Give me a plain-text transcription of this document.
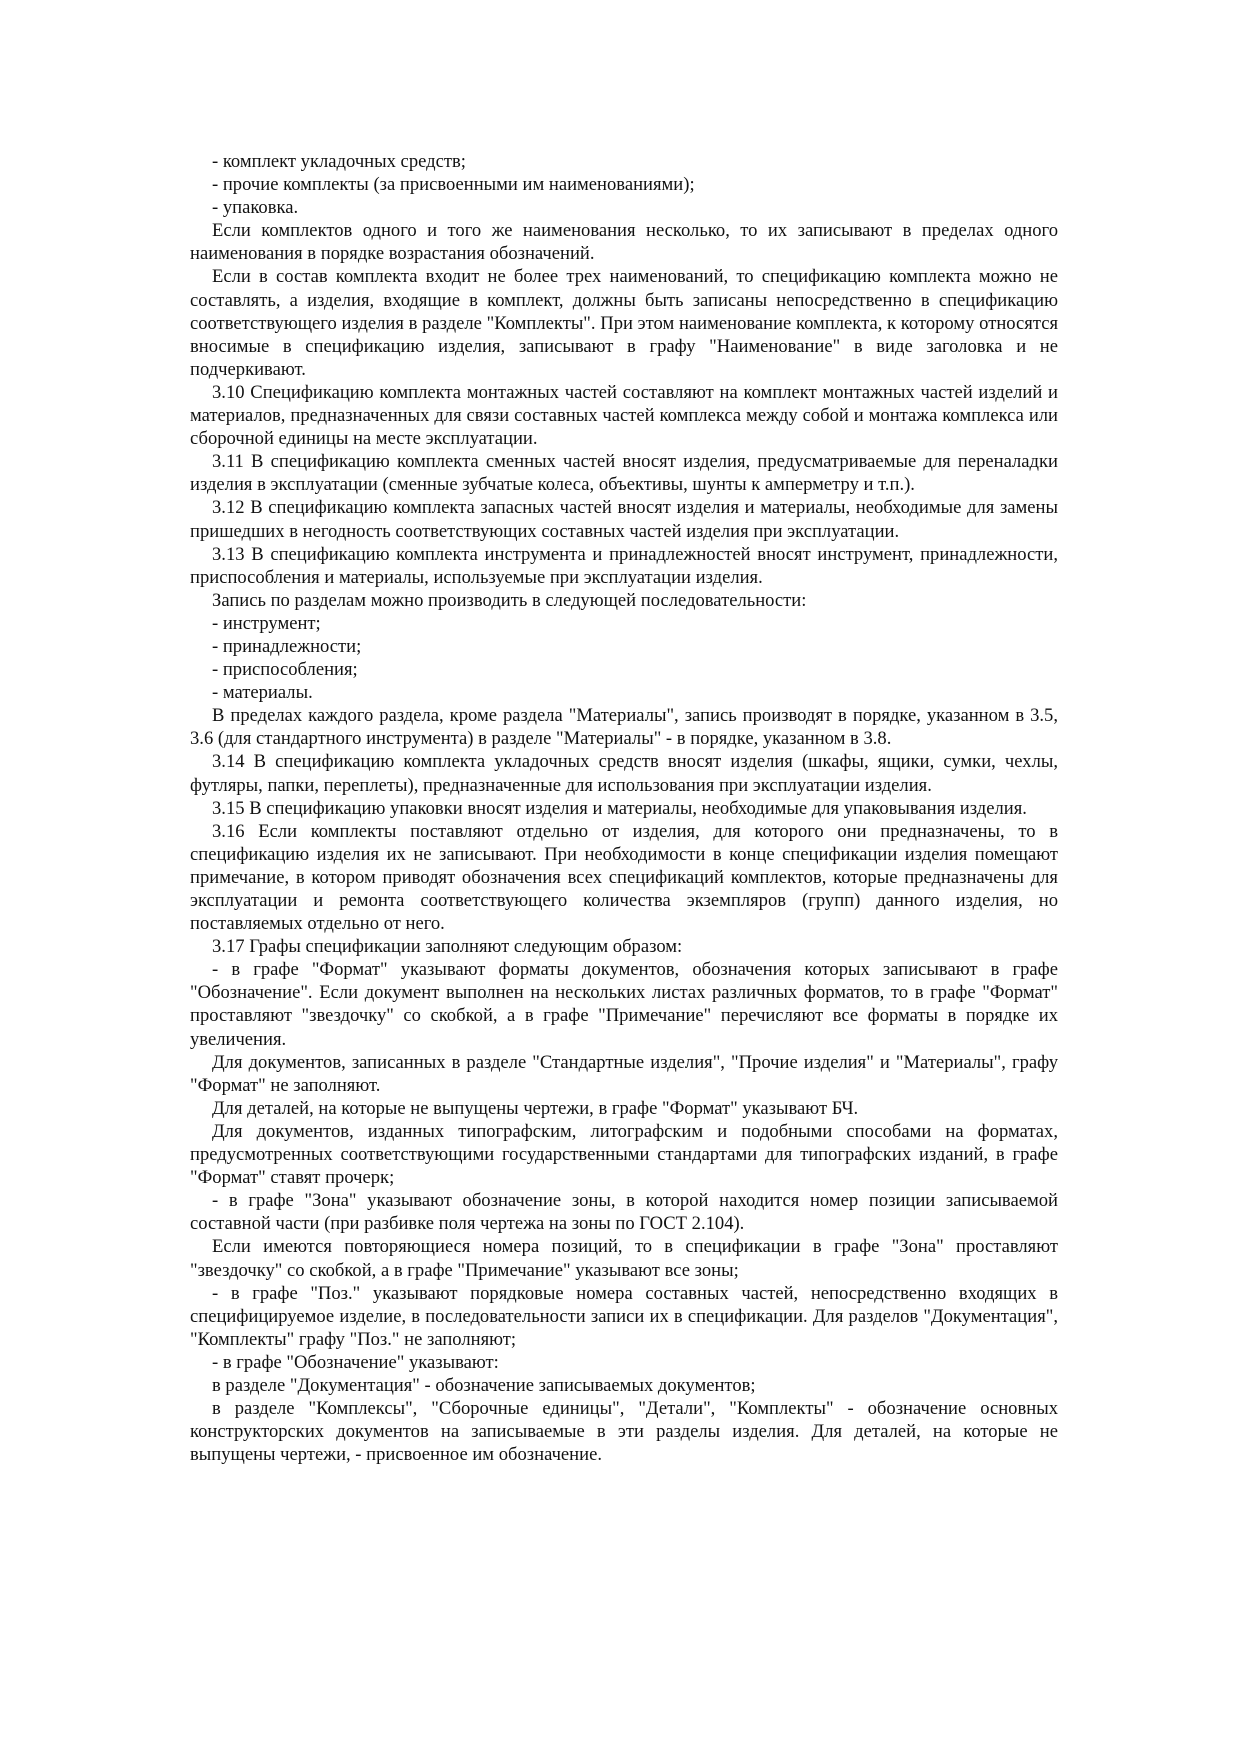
- комплект укладочных средств;

- прочие комплекты (за присвоенными им наименованиями);

- упаковка.

Если комплектов одного и того же наименования несколько, то их записывают в пределах одного наименования в порядке возрастания обозначений.

Если в состав комплекта входит не более трех наименований, то спецификацию комплекта можно не составлять, а изделия, входящие в комплект, должны быть записаны непосредственно в спецификацию соответствующего изделия в разделе "Комплекты". При этом наименование комплекта, к которому относятся вносимые в спецификацию изделия, записывают в графу "Наименование" в виде заголовка и не подчеркивают.

3.10 Спецификацию комплекта монтажных частей составляют на комплект монтажных частей изделий и материалов, предназначенных для связи составных частей комплекса между собой и монтажа комплекса или сборочной единицы на месте эксплуатации.

3.11 В спецификацию комплекта сменных частей вносят изделия, предусматриваемые для переналадки изделия в эксплуатации (сменные зубчатые колеса, объективы, шунты к амперметру и т.п.).

3.12 В спецификацию комплекта запасных частей вносят изделия и материалы, необходимые для замены пришедших в негодность соответствующих составных частей изделия при эксплуатации.

3.13 В спецификацию комплекта инструмента и принадлежностей вносят инструмент, принадлежности, приспособления и материалы, используемые при эксплуатации изделия.

Запись по разделам можно производить в следующей последовательности:

- инструмент;

- принадлежности;

- приспособления;

- материалы.

В пределах каждого раздела, кроме раздела "Материалы", запись производят в порядке, указанном в 3.5, 3.6 (для стандартного инструмента) в разделе "Материалы" - в порядке, указанном в 3.8.

3.14 В спецификацию комплекта укладочных средств вносят изделия (шкафы, ящики, сумки, чехлы, футляры, папки, переплеты), предназначенные для использования при эксплуатации изделия.

3.15 В спецификацию упаковки вносят изделия и материалы, необходимые для упаковывания изделия.

3.16 Если комплекты поставляют отдельно от изделия, для которого они предназначены, то в спецификацию изделия их не записывают. При необходимости в конце спецификации изделия помещают примечание, в котором приводят обозначения всех спецификаций комплектов, которые предназначены для эксплуатации и ремонта соответствующего количества экземпляров (групп) данного изделия, но поставляемых отдельно от него.

3.17 Графы спецификации заполняют следующим образом:

- в графе "Формат" указывают форматы документов, обозначения которых записывают в графе "Обозначение". Если документ выполнен на нескольких листах различных форматов, то в графе "Формат" проставляют "звездочку" со скобкой, а в графе "Примечание" перечисляют все форматы в порядке их увеличения.

Для документов, записанных в разделе "Стандартные изделия", "Прочие изделия" и "Материалы", графу "Формат" не заполняют.

Для деталей, на которые не выпущены чертежи, в графе "Формат" указывают БЧ.

Для документов, изданных типографским, литографским и подобными способами на форматах, предусмотренных соответствующими государственными стандартами для типографских изданий, в графе "Формат" ставят прочерк;

- в графе "Зона" указывают обозначение зоны, в которой находится номер позиции записываемой составной части (при разбивке поля чертежа на зоны по ГОСТ 2.104).

Если имеются повторяющиеся номера позиций, то в спецификации в графе "Зона" проставляют "звездочку" со скобкой, а в графе "Примечание" указывают все зоны;

- в графе "Поз." указывают порядковые номера составных частей, непосредственно входящих в специфицируемое изделие, в последовательности записи их в спецификации. Для разделов "Документация", "Комплекты" графу "Поз." не заполняют;

- в графе "Обозначение" указывают:

в разделе "Документация" - обозначение записываемых документов;

в разделе "Комплексы", "Сборочные единицы", "Детали", "Комплекты" - обозначение основных конструкторских документов на записываемые в эти разделы изделия. Для деталей, на которые не выпущены чертежи, - присвоенное им обозначение.
